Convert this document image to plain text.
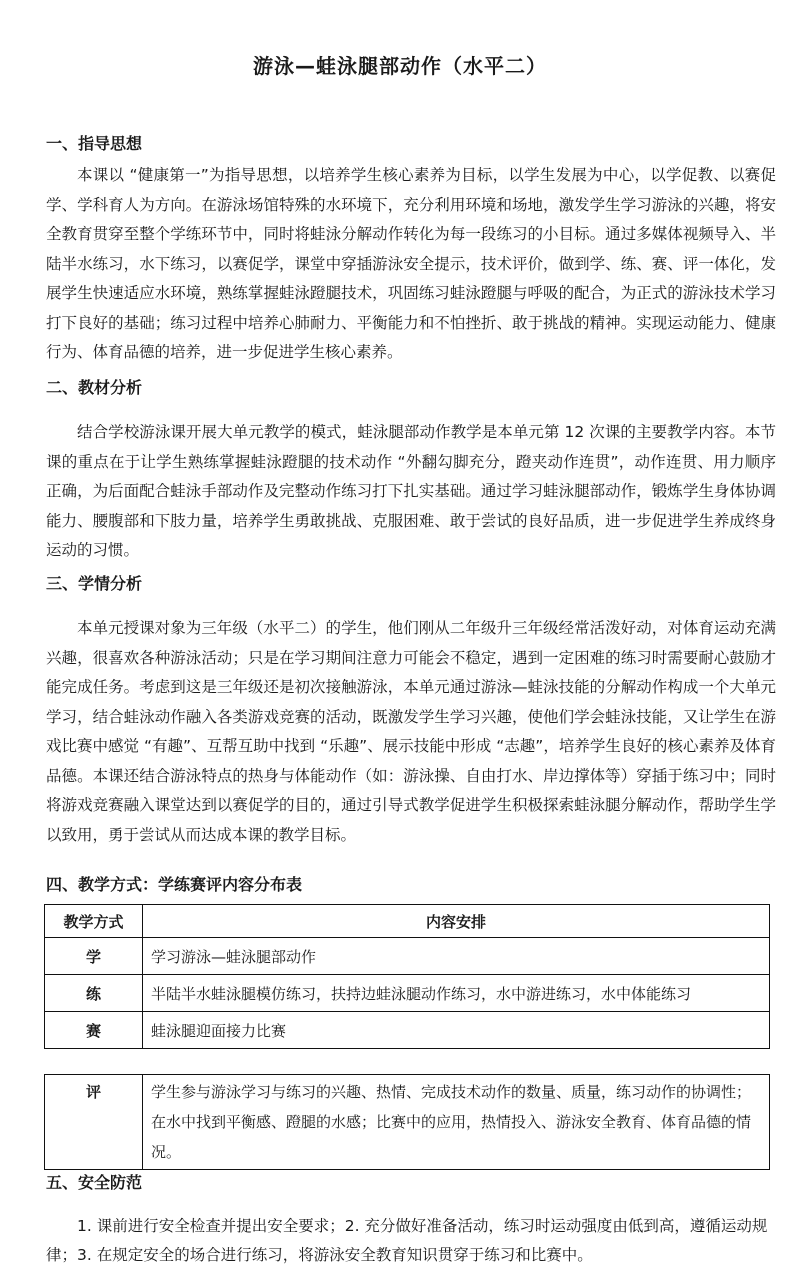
游泳—蛙泳腿部动作（水平二）
一、指导思想
本课以 “健康第一”为指导思想，以培养学生核心素养为目标，以学生发展为中心，以学促教、以赛促学、学科育人为方向。在游泳场馆特殊的水环境下，充分利用环境和场地，激发学生学习游泳的兴趣，将安全教育贯穿至整个学练环节中，同时将蛙泳分解动作转化为每一段练习的小目标。通过多媒体视频导入、半陆半水练习，水下练习，以赛促学，课堂中穿插游泳安全提示，技术评价，做到学、练、赛、评一体化，发展学生快速适应水环境，熟练掌握蛙泳蹬腿技术，巩固练习蛙泳蹬腿与呼吸的配合，为正式的游泳技术学习打下良好的基础；练习过程中培养心肺耐力、平衡能力和不怕挫折、敢于挑战的精神。实现运动能力、健康行为、体育品德的培养，进一步促进学生核心素养。
二、教材分析
结合学校游泳课开展大单元教学的模式，蛙泳腿部动作教学是本单元第 12 次课的主要教学内容。本节课的重点在于让学生熟练掌握蛙泳蹬腿的技术动作 “外翻勾脚充分，蹬夹动作连贯”，动作连贯、用力顺序正确，为后面配合蛙泳手部动作及完整动作练习打下扎实基础。通过学习蛙泳腿部动作，锻炼学生身体协调能力、腰腹部和下肢力量，培养学生勇敢挑战、克服困难、敢于尝试的良好品质，进一步促进学生养成终身运动的习惯。
三、学情分析
本单元授课对象为三年级（水平二）的学生，他们刚从二年级升三年级经常活泼好动，对体育运动充满兴趣，很喜欢各种游泳活动；只是在学习期间注意力可能会不稳定，遇到一定困难的练习时需要耐心鼓励才能完成任务。考虑到这是三年级还是初次接触游泳，本单元通过游泳—蛙泳技能的分解动作构成一个大单元学习，结合蛙泳动作融入各类游戏竞赛的活动，既激发学生学习兴趣，使他们学会蛙泳技能，又让学生在游戏比赛中感觉 “有趣”、互帮互助中找到 “乐趣”、展示技能中形成 “志趣”，培养学生良好的核心素养及体育品德。本课还结合游泳特点的热身与体能动作（如：游泳操、自由打水、岸边撑体等）穿插于练习中；同时将游戏竞赛融入课堂达到以赛促学的目的，通过引导式教学促进学生积极探索蛙泳腿分解动作，帮助学生学以致用，勇于尝试从而达成本课的教学目标。
四、教学方式：学练赛评内容分布表
教学方式	内容安排
学	学习游泳—蛙泳腿部动作
练	半陆半水蛙泳腿模仿练习，扶持边蛙泳腿动作练习，水中游进练习，水中体能练习
赛	蛙泳腿迎面接力比赛
评	学生参与游泳学习与练习的兴趣、热情、完成技术动作的数量、质量，练习动作的协调性；在水中找到平衡感、蹬腿的水感；比赛中的应用，热情投入、游泳安全教育、体育品德的情况。
五、安全防范
1. 课前进行安全检查并提出安全要求；2. 充分做好准备活动，练习时运动强度由低到高，遵循运动规律；3. 在规定安全的场合进行练习，将游泳安全教育知识贯穿于练习和比赛中。
